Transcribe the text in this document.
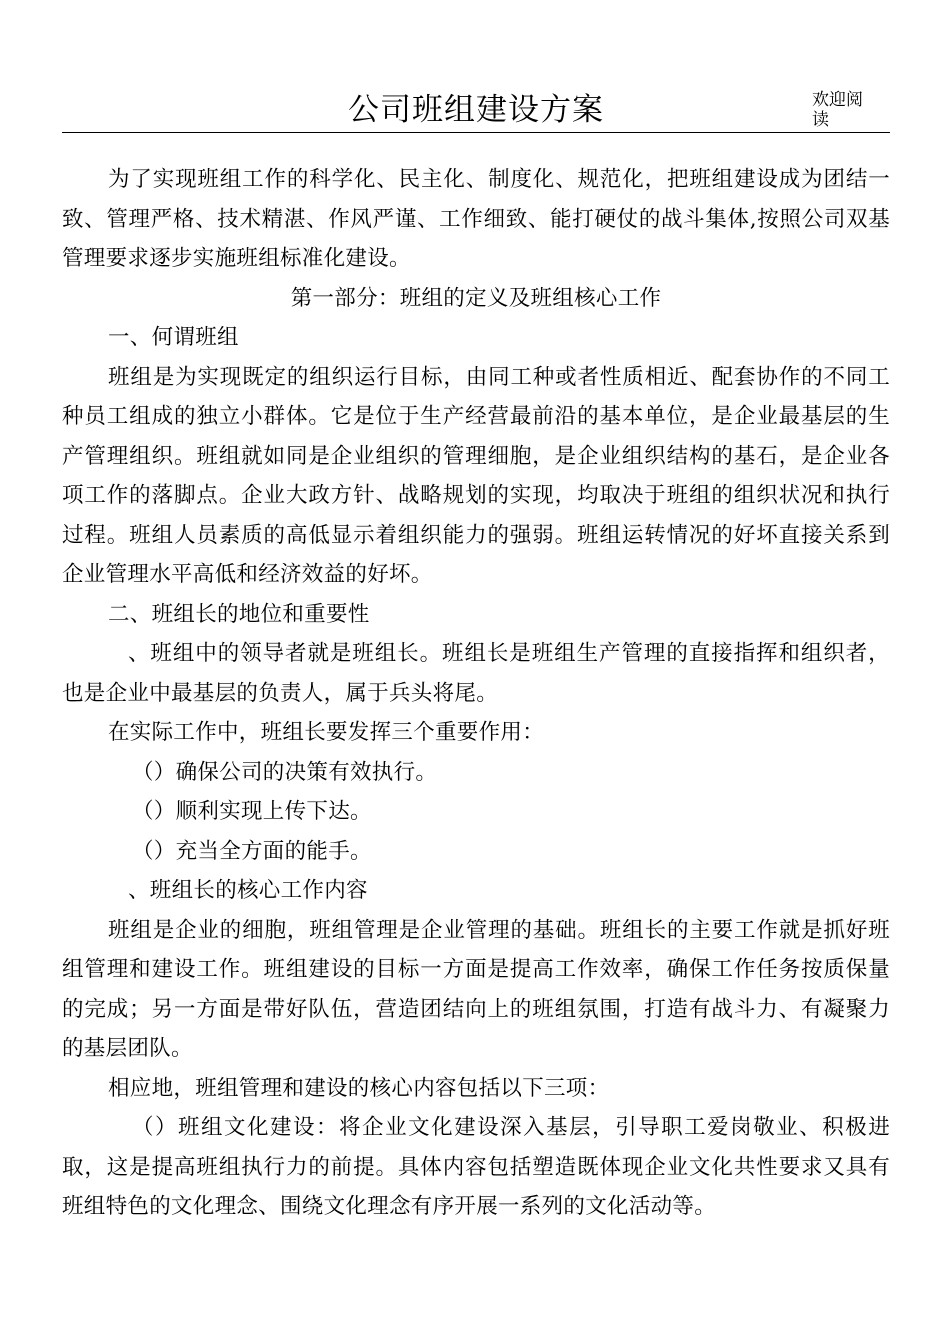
公司班组建设方案	欢迎阅读

为了实现班组工作的科学化、民主化、制度化、规范化，把班组建设成为团结一致、管理严格、技术精湛、作风严谨、工作细致、能打硬仗的战斗集体,按照公司双基管理要求逐步实施班组标准化建设。

第一部分：班组的定义及班组核心工作

一、何谓班组

班组是为实现既定的组织运行目标，由同工种或者性质相近、配套协作的不同工种员工组成的独立小群体。它是位于生产经营最前沿的基本单位，是企业最基层的生产管理组织。班组就如同是企业组织的管理细胞，是企业组织结构的基石，是企业各项工作的落脚点。企业大政方针、战略规划的实现，均取决于班组的组织状况和执行过程。班组人员素质的高低显示着组织能力的强弱。班组运转情况的好坏直接关系到企业管理水平高低和经济效益的好坏。

二、班组长的地位和重要性

、班组中的领导者就是班组长。班组长是班组生产管理的直接指挥和组织者，也是企业中最基层的负责人，属于兵头将尾。

在实际工作中，班组长要发挥三个重要作用：

（）确保公司的决策有效执行。

（）顺利实现上传下达。

（）充当全方面的能手。

、班组长的核心工作内容

班组是企业的细胞，班组管理是企业管理的基础。班组长的主要工作就是抓好班组管理和建设工作。班组建设的目标一方面是提高工作效率，确保工作任务按质保量的完成；另一方面是带好队伍，营造团结向上的班组氛围，打造有战斗力、有凝聚力的基层团队。

相应地，班组管理和建设的核心内容包括以下三项：

（）班组文化建设：将企业文化建设深入基层，引导职工爱岗敬业、积极进取，这是提高班组执行力的前提。具体内容包括塑造既体现企业文化共性要求又具有班组特色的文化理念、围绕文化理念有序开展一系列的文化活动等。
